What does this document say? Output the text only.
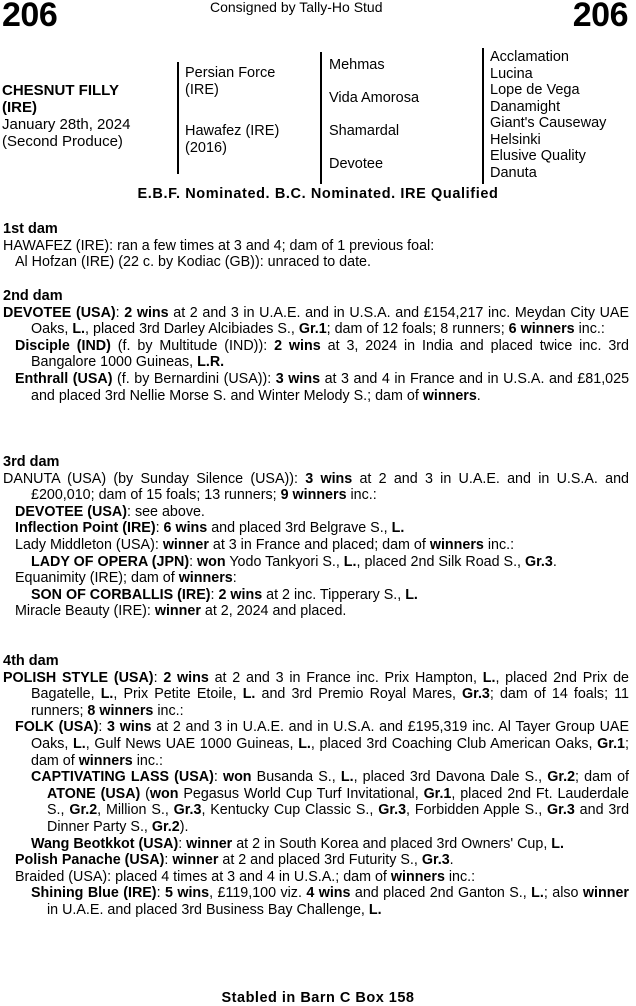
206	Consigned by Tally-Ho Stud	206
CHESNUT FILLY
(IRE)
January 28th, 2024
(Second Produce)
Persian Force
(IRE)
Hawafez (IRE)
(2016)
Mehmas
Vida Amorosa
Shamardal
Devotee
Acclamation
Lucina
Lope de Vega
Danamight
Giant's Causeway
Helsinki
Elusive Quality
Danuta
E.B.F. Nominated. B.C. Nominated. IRE Qualified
1st dam

HAWAFEZ (IRE): ran a few times at 3 and 4; dam of 1 previous foal:

Al Hofzan (IRE) (22 c. by Kodiac (GB)): unraced to date.

2nd dam

DEVOTEE (USA): 2 wins at 2 and 3 in U.A.E. and in U.S.A. and £154,217 inc. Meydan City UAE Oaks, L., placed 3rd Darley Alcibiades S., Gr.1; dam of 12 foals; 8 runners; 6 winners inc.:

Disciple (IND) (f. by Multitude (IND)): 2 wins at 3, 2024 in India and placed twice inc. 3rd Bangalore 1000 Guineas, L.R.

Enthrall (USA) (f. by Bernardini (USA)): 3 wins at 3 and 4 in France and in U.S.A. and £81,025 and placed 3rd Nellie Morse S. and Winter Melody S.; dam of winners.

3rd dam

DANUTA (USA) (by Sunday Silence (USA)): 3 wins at 2 and 3 in U.A.E. and in U.S.A. and £200,010; dam of 15 foals; 13 runners; 9 winners inc.:

DEVOTEE (USA): see above.

Inflection Point (IRE): 6 wins and placed 3rd Belgrave S., L.

Lady Middleton (USA): winner at 3 in France and placed; dam of winners inc.:

LADY OF OPERA (JPN): won Yodo Tankyori S., L., placed 2nd Silk Road S., Gr.3.

Equanimity (IRE); dam of winners:

SON OF CORBALLIS (IRE): 2 wins at 2 inc. Tipperary S., L.

Miracle Beauty (IRE): winner at 2, 2024 and placed.

4th dam

POLISH STYLE (USA): 2 wins at 2 and 3 in France inc. Prix Hampton, L., placed 2nd Prix de Bagatelle, L., Prix Petite Etoile, L. and 3rd Premio Royal Mares, Gr.3; dam of 14 foals; 11 runners; 8 winners inc.:

FOLK (USA): 3 wins at 2 and 3 in U.A.E. and in U.S.A. and £195,319 inc. Al Tayer Group UAE Oaks, L., Gulf News UAE 1000 Guineas, L., placed 3rd Coaching Club American Oaks, Gr.1; dam of winners inc.:

CAPTIVATING LASS (USA): won Busanda S., L., placed 3rd Davona Dale S., Gr.2; dam of ATONE (USA) (won Pegasus World Cup Turf Invitational, Gr.1, placed 2nd Ft. Lauderdale S., Gr.2, Million S., Gr.3, Kentucky Cup Classic S., Gr.3, Forbidden Apple S., Gr.3 and 3rd Dinner Party S., Gr.2).

Wang Beotkkot (USA): winner at 2 in South Korea and placed 3rd Owners' Cup, L.

Polish Panache (USA): winner at 2 and placed 3rd Futurity S., Gr.3.

Braided (USA): placed 4 times at 3 and 4 in U.S.A.; dam of winners inc.:

Shining Blue (IRE): 5 wins, £119,100 viz. 4 wins and placed 2nd Ganton S., L.; also winner in U.A.E. and placed 3rd Business Bay Challenge, L.

Stabled in Barn C Box 158
